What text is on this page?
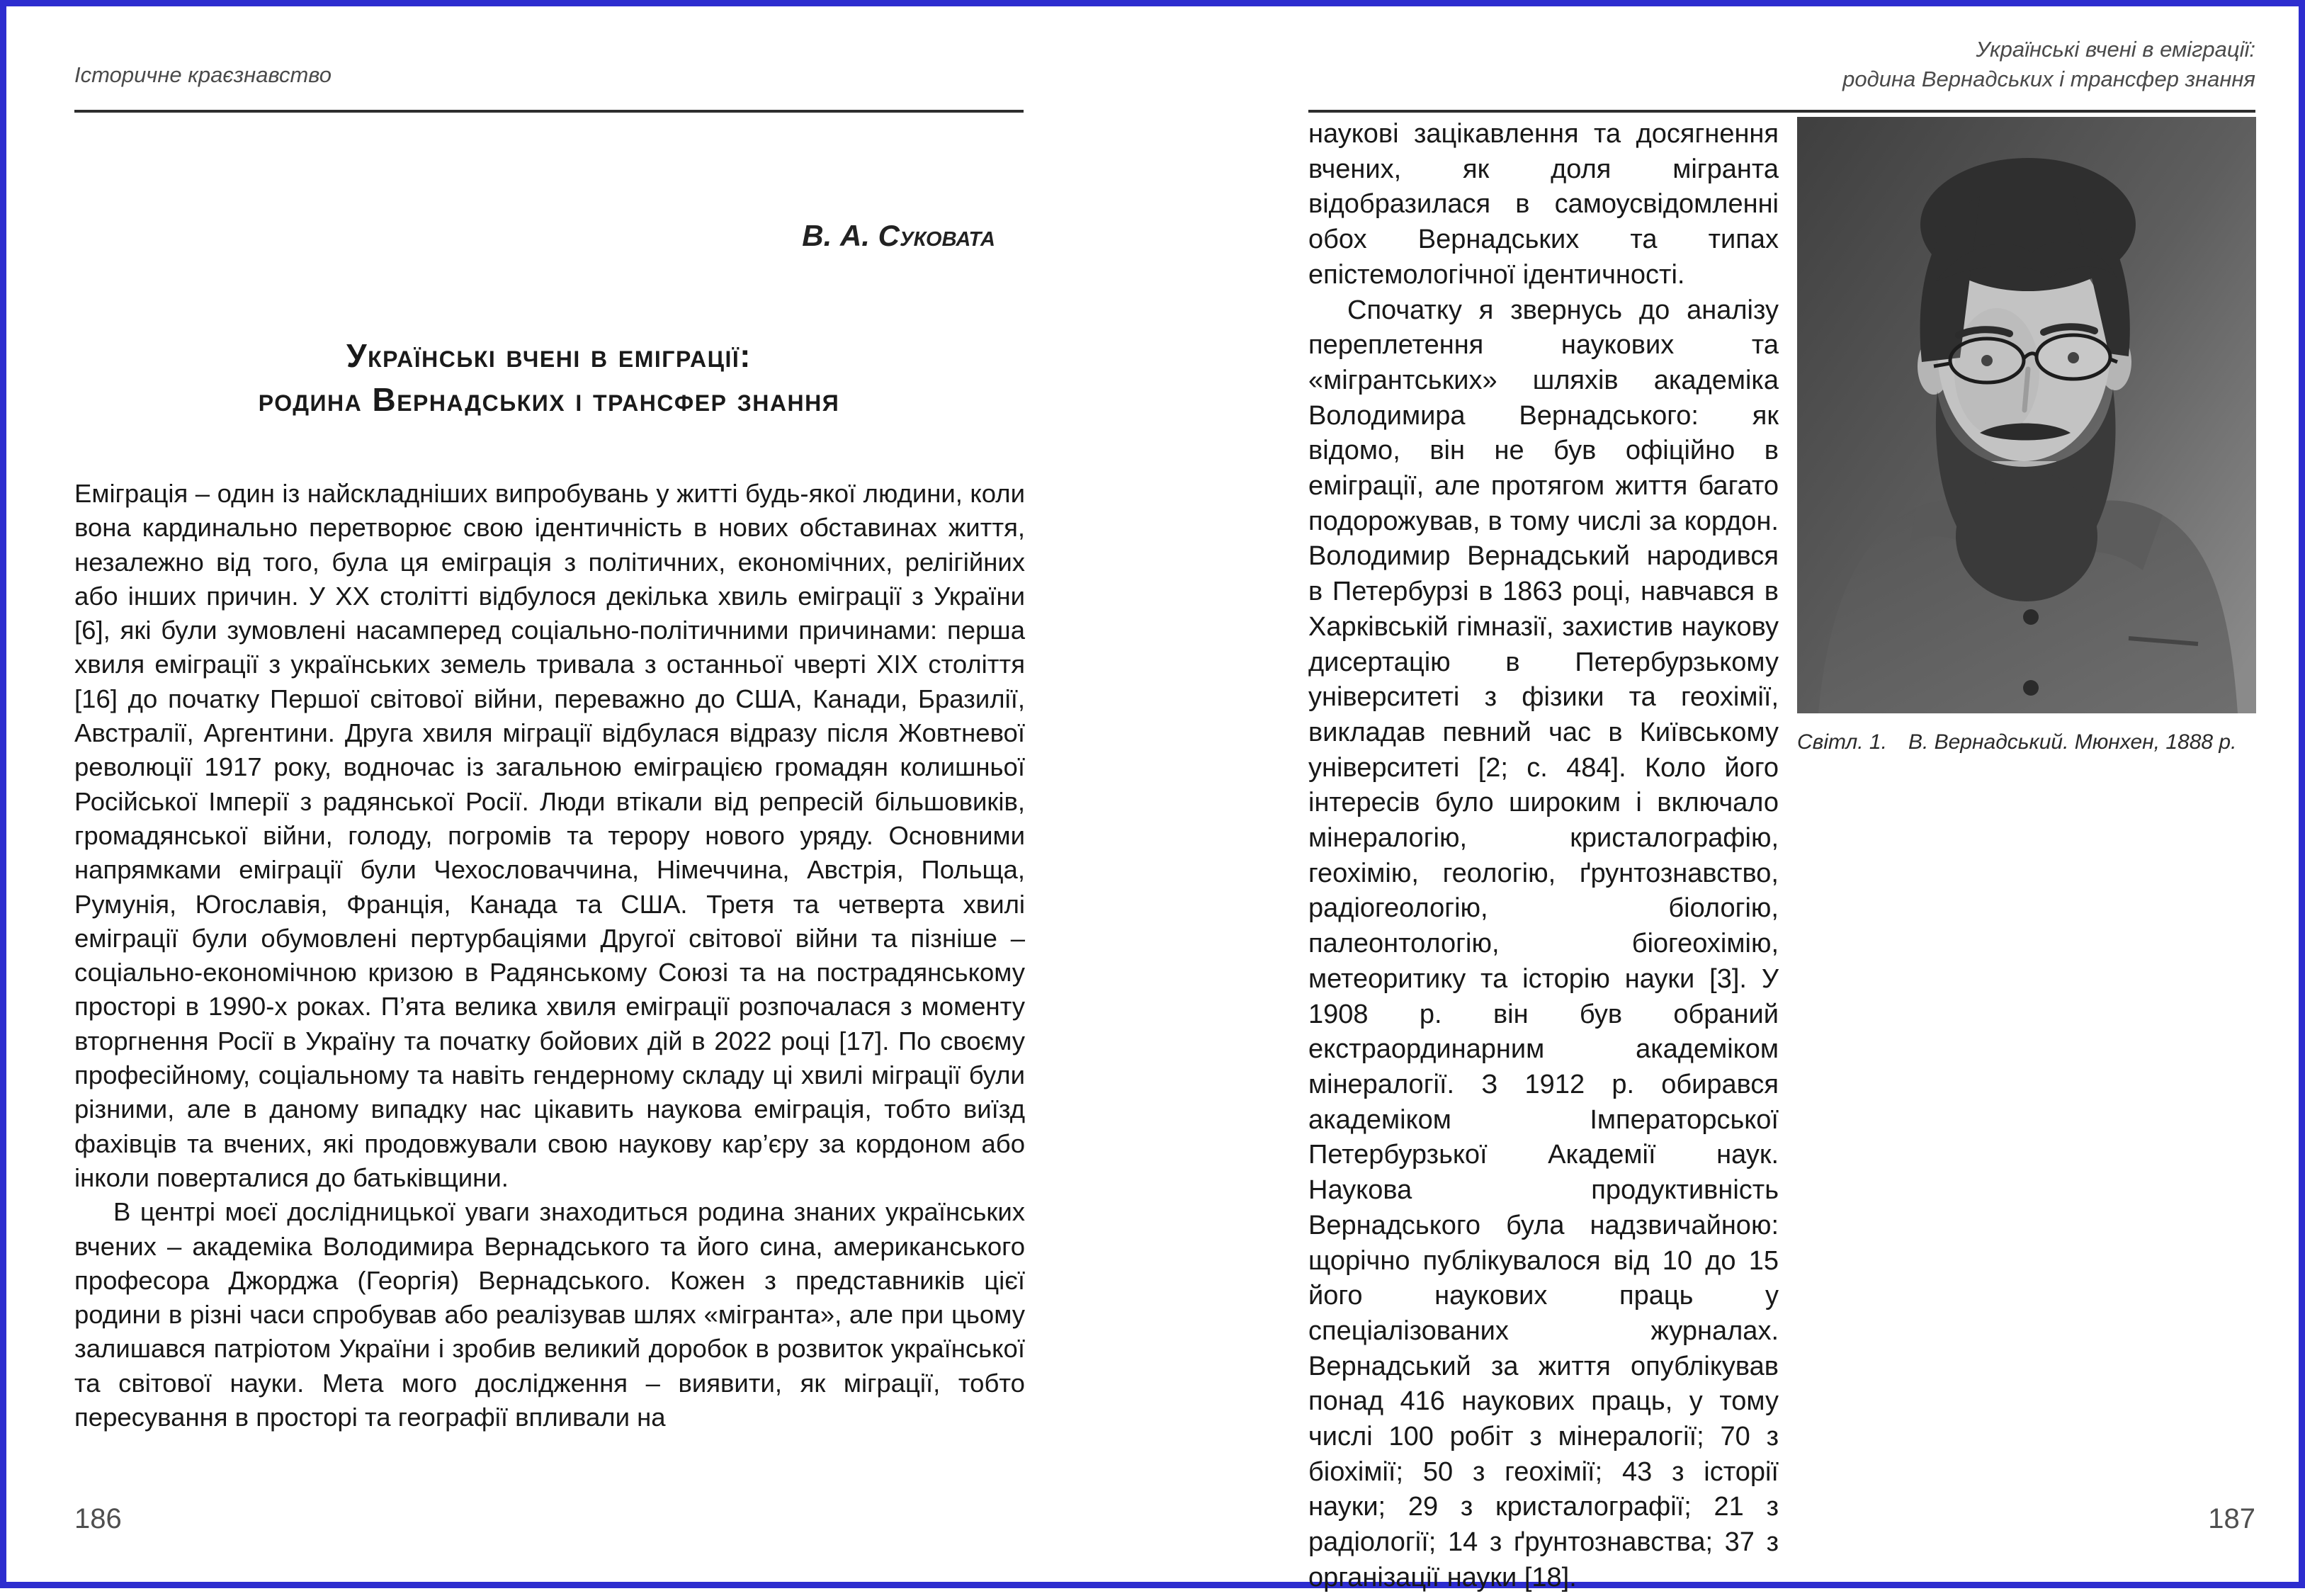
Історичне краєзнавство
В. А. Суковата
Українські вчені в еміграції:
родина Вернадських і трансфер знання

Еміграція – один із найскладніших випробувань у житті будь-якої людини, коли вона кардинально перетворює свою ідентичність в нових обставинах життя, незалежно від того, була ця еміграція з політичних, економічних, релігійних або інших причин. У ХХ столітті відбулося декілька хвиль еміграції з України [6], які були зумовлені насамперед соціально-політичними причинами: перша хвиля еміграції з українських земель тривала з останньої чверті ХІХ століття [16] до початку Першої світової війни, переважно до США, Канади, Бразилії, Австралії, Аргентини. Друга хвиля міграції відбулася відразу після Жовтневої революції 1917 року, водночас із загальною еміграцією громадян колишньої Російської Імперії з радянської Росії. Люди втікали від репресій більшовиків, громадянської війни, голоду, погромів та терору нового уряду. Основними напрямками еміграції були Чехословаччина, Німеччина, Австрія, Польща, Румунія, Югославія, Франція, Канада та США. Третя та четверта хвилі еміграції були обумовлені пертурбаціями Другої світової війни та пізніше – соціально-економічною кризою в Радянському Союзі та на пострадянському просторі в 1990-х роках. П’ята велика хвиля еміграції розпочалася з моменту вторгнення Росії в Україну та початку бойових дій в 2022 році [17]. По своєму професійному, соціальному та навіть гендерному складу ці хвилі міграції були різними, але в даному випадку нас цікавить наукова еміграція, тобто виїзд фахівців та вчених, які продовжували свою наукову кар’єру за кордоном або інколи поверталися до батьківщини.

В центрі моєї дослідницької уваги знаходиться родина знаних українських вчених – академіка Володимира Вернадського та його сина, американського професора Джорджа (Георгія) Вернадського. Кожен з представників цієї родини в різні часи спробував або реалізував шлях «мігранта», але при цьому залишався патріотом України і зробив великий доробок в розвиток української та світової науки. Мета мого дослідження – виявити, як міграції, тобто пересування в просторі та географії впливали на

186
Українські вчені в еміграції:
родина Вернадських і трансфер знання

наукові зацікавлення та досягнення вчених, як доля мігранта відобразилася в самоусвідомленні обох Вернадських та типах епістемологічної ідентичності.

Спочатку я звернусь до аналізу переплетення наукових та «мігрантських» шляхів академіка Володимира Вернадського: як відомо, він не був офіційно в еміграції, але протягом життя багато подорожував, в тому числі за кордон. Володимир Вернадський народився в Петербурзі в 1863 році, навчався в Харківській гімназії, захистив наукову дисертацію в Петербурзькому університеті з фізики та геохімії, викладав певний час в Київському університеті [2; с. 484]. Коло його інтересів було широким і включало мінералогію, кристалографію, геохімію, геологію, ґрунтознавство, радіогеологію, біологію, палеонтологію, біогеохімію, метеоритику та історію науки [3]. У 1908 р. він був обраний екстраординарним академіком мінералогії. З 1912 р. обирався академіком Імператорської Петербурзької Академії наук. Наукова продуктивність Вернадського була надзвичайною: щорічно публікувалося від 10 до 15 його наукових праць у спеціалізованих журналах. Вернадський за життя опублікував понад 416 наукових праць, у тому числі 100 робіт з мінералогії; 70 з біохімії; 50 з геохімії; 43 з історії науки; 29 з кристалографії; 21 з радіології; 14 з ґрунтознавства; 37 з організації науки [18].

Світл. 1. В. Вернадський. Мюнхен, 1888 р.
187
